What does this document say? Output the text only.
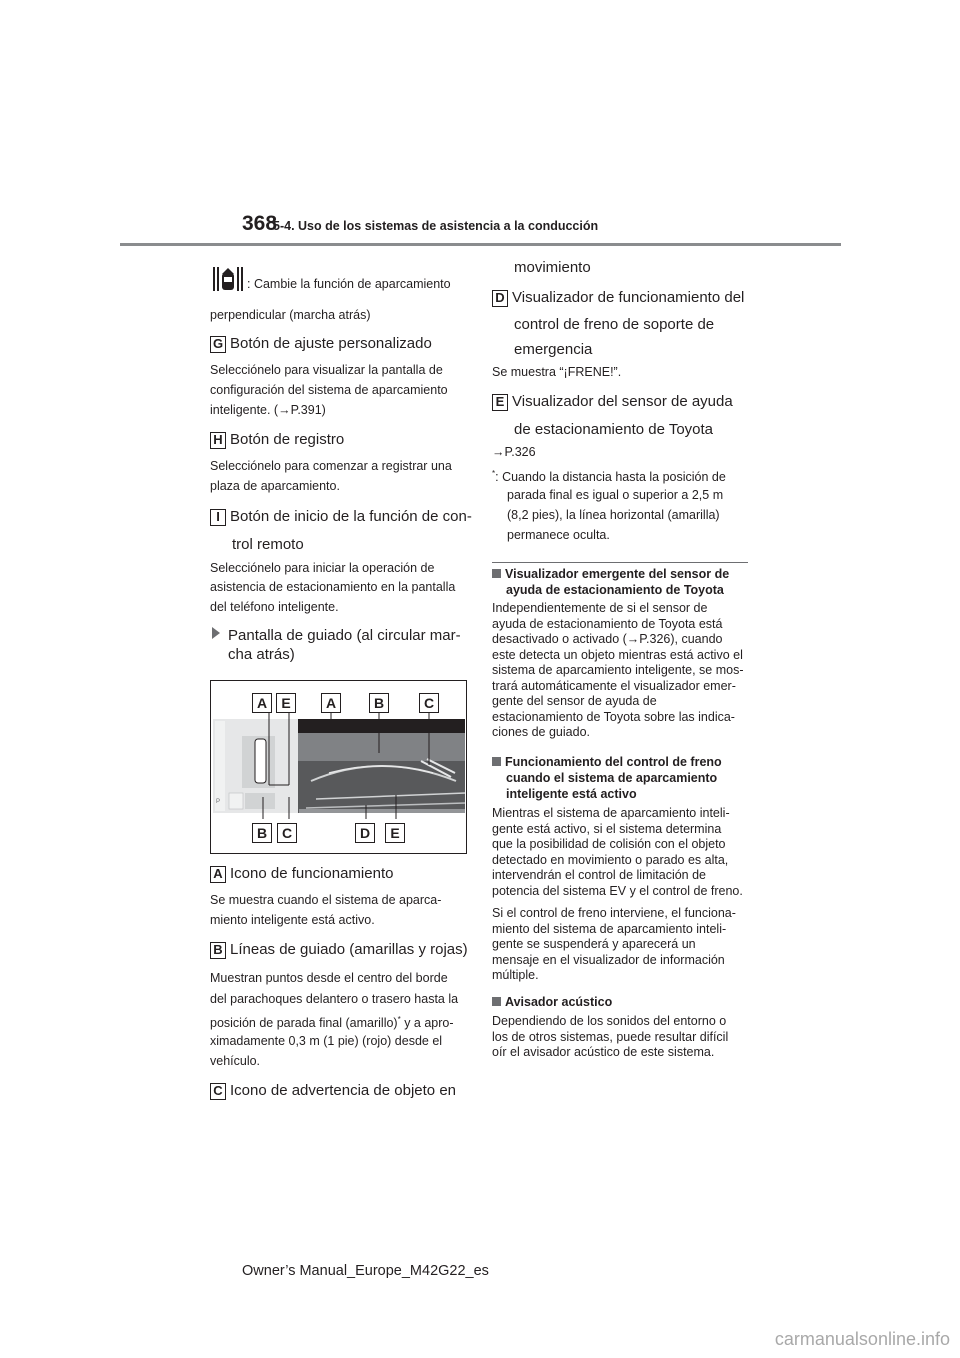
368
5-4. Uso de los sistemas de asistencia a la conducción
: Cambie la función de aparcamiento
perpendicular (marcha atrás)
G Botón de ajuste personalizado
Selecciónelo para visualizar la pantalla de
configuración del sistema de aparcamiento
inteligente. (→P.391)
H Botón de registro
Selecciónelo para comenzar a registrar una
plaza de aparcamiento.
I Botón de inicio de la función de con-
trol remoto
Selecciónelo para iniciar la operación de
asistencia de estacionamiento en la pantalla
del teléfono inteligente.
Pantalla de guiado (al circular mar-
cha atrás)
P
A	E	A	B	C
B	C	D	E
A Icono de funcionamiento
Se muestra cuando el sistema de aparca-
miento inteligente está activo.
B Líneas de guiado (amarillas y rojas)
Muestran puntos desde el centro del borde
del parachoques delantero o trasero hasta la
posición de parada final (amarillo)* y a apro-
ximadamente 0,3 m (1 pie) (rojo) desde el
vehículo.
C Icono de advertencia de objeto en
movimiento
D Visualizador de funcionamiento del
control de freno de soporte de
emergencia
Se muestra “¡FRENE!”.
E Visualizador del sensor de ayuda
de estacionamiento de Toyota
→P.326
*: Cuando la distancia hasta la posición de
parada final es igual o superior a 2,5 m
(8,2 pies), la línea horizontal (amarilla)
permanece oculta.
Visualizador emergente del sensor de
ayuda de estacionamiento de Toyota
Independientemente de si el sensor de
ayuda de estacionamiento de Toyota está
desactivado o activado (→P.326), cuando
este detecta un objeto mientras está activo el
sistema de aparcamiento inteligente, se mos-
trará automáticamente el visualizador emer-
gente del sensor de ayuda de
estacionamiento de Toyota sobre las indica-
ciones de guiado.
Funcionamiento del control de freno
cuando el sistema de aparcamiento
inteligente está activo
Mientras el sistema de aparcamiento inteli-
gente está activo, si el sistema determina
que la posibilidad de colisión con el objeto
detectado en movimiento o parado es alta,
intervendrán el control de limitación de
potencia del sistema EV y el control de freno.
Si el control de freno interviene, el funciona-
miento del sistema de aparcamiento inteli-
gente se suspenderá y aparecerá un
mensaje en el visualizador de información
múltiple.
Avisador acústico
Dependiendo de los sonidos del entorno o
los de otros sistemas, puede resultar difícil
oír el avisador acústico de este sistema.
Owner’s Manual_Europe_M42G22_es
carmanualsonline.info
